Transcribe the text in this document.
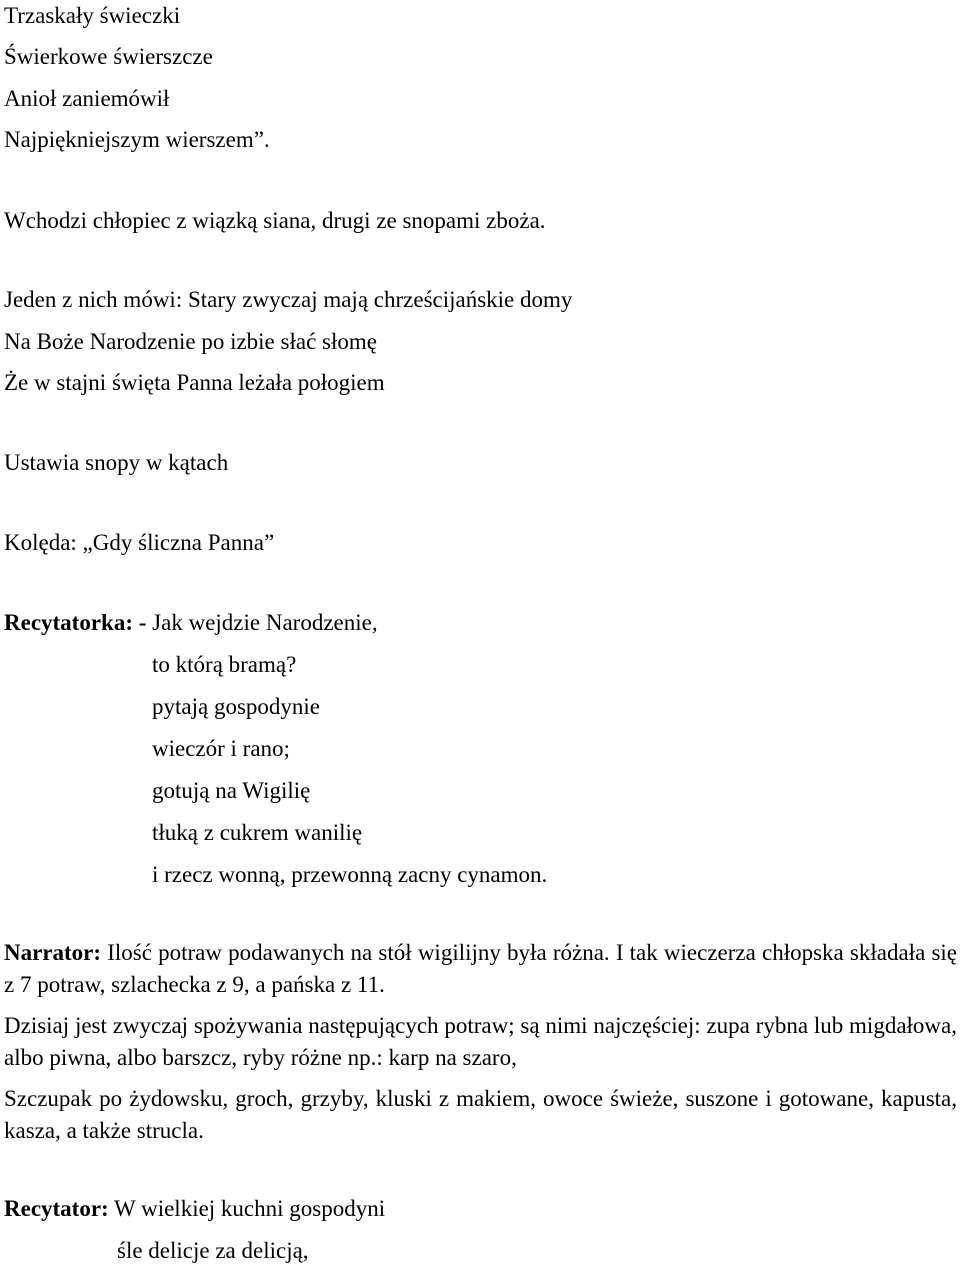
Trzaskały świeczki
Świerkowe świerszcze
Anioł zaniemówił
Najpiękniejszym wierszem”.
Wchodzi chłopiec z wiązką siana, drugi ze snopami zboża.
Jeden z nich mówi: Stary zwyczaj mają chrześcijańskie domy
Na Boże Narodzenie po izbie słać słomę
Że w stajni święta Panna leżała połogiem
Ustawia snopy w kątach
Kolęda: „Gdy śliczna Panna”
Recytatorka: - Jak wejdzie Narodzenie,
to którą bramą?
pytają gospodynie
wieczór i rano;
gotują na Wigilię
tłuką z cukrem wanilię
i rzecz wonną, przewonną zacny cynamon.
Narrator: Ilość potraw podawanych na stół wigilijny była różna. I tak wieczerza chłopska składała się z 7 potraw, szlachecka z 9, a pańska z 11.
Dzisiaj jest zwyczaj spożywania następujących potraw; są nimi najczęściej: zupa rybna lub migdałowa, albo piwna, albo barszcz, ryby różne np.: karp na szaro,
Szczupak po żydowsku, groch, grzyby, kluski z makiem, owoce świeże, suszone i gotowane, kapusta, kasza, a także strucla.
Recytator: W wielkiej kuchni gospodyni
śle delicje za delicją,
